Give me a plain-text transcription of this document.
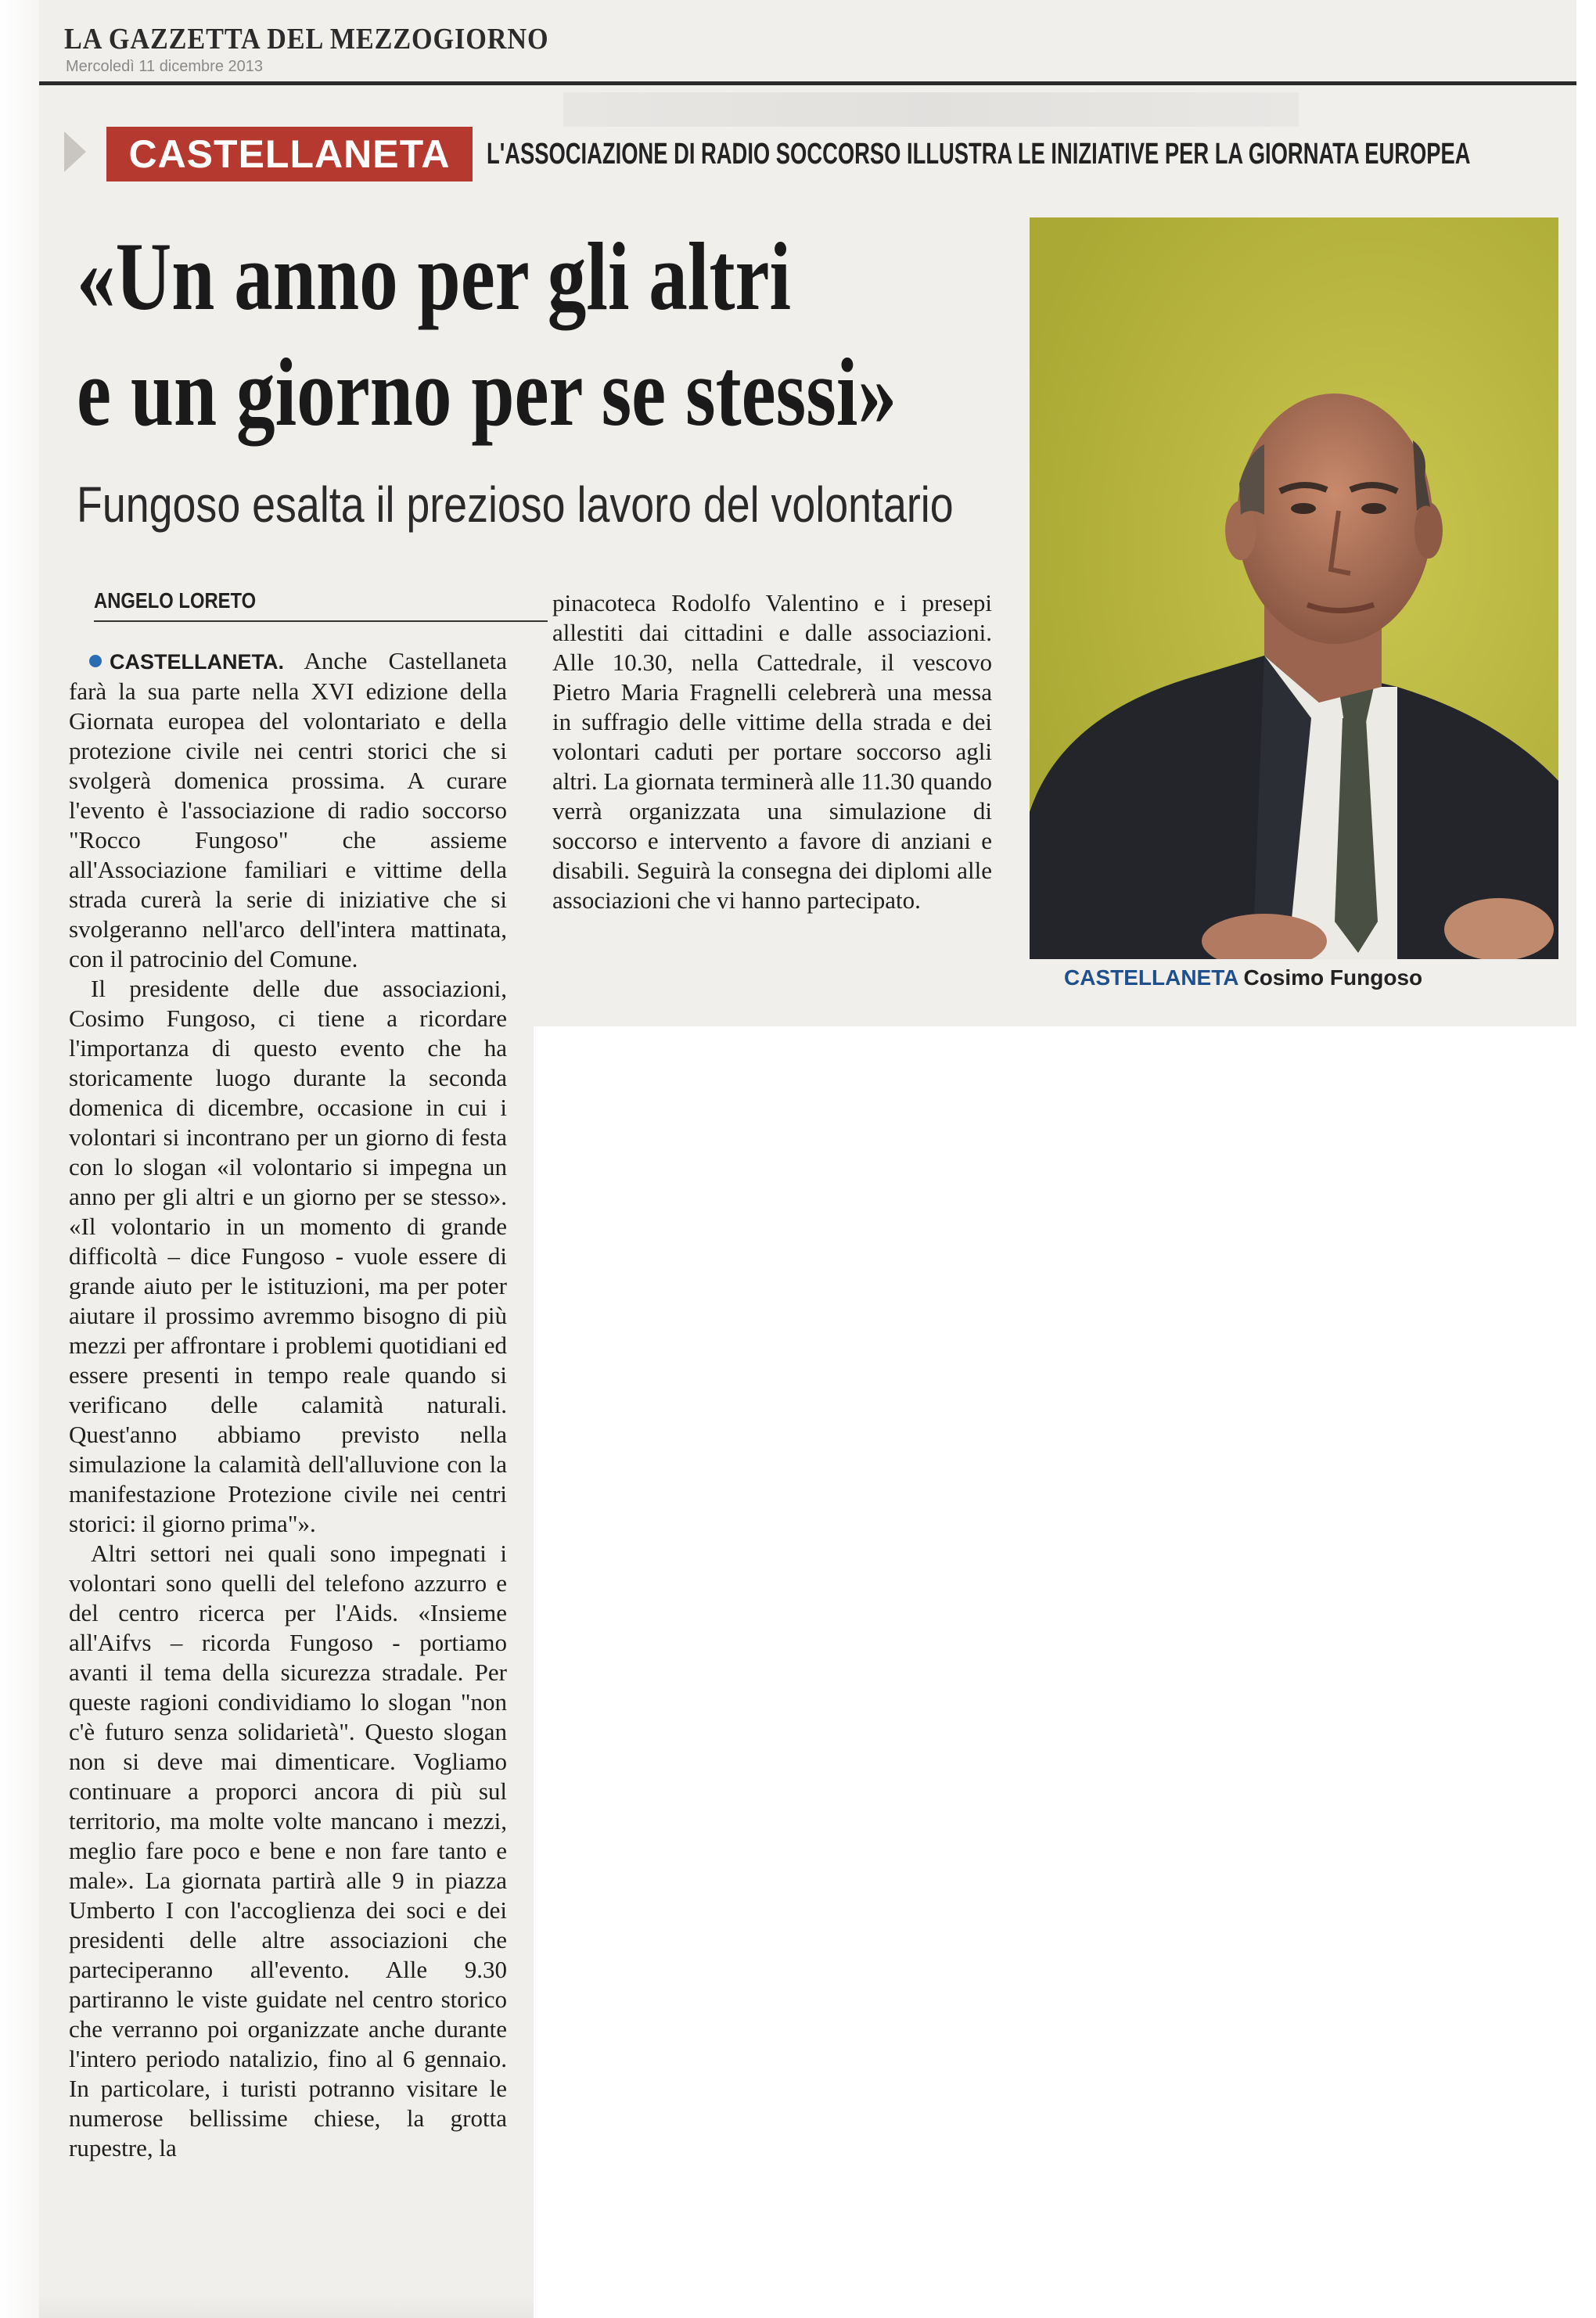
LA GAZZETTA DEL MEZZOGIORNO
Mercoledì 11 dicembre 2013
CASTELLANETA	L'ASSOCIAZIONE DI RADIO SOCCORSO ILLUSTRA LE INIZIATIVE PER LA GIORNATA EUROPEA
«Un anno per gli altri
e un giorno per se stessi»
Fungoso esalta il prezioso lavoro del volontario
ANGELO LORETO

CASTELLANETA. Anche Castellaneta farà la sua parte nella XVI edizione della Giornata europea del volontariato e della protezione civile nei centri storici che si svolgerà domenica prossima. A curare l'evento è l'associazione di radio soccorso "Rocco Fungoso" che assieme all'Associazione familiari e vittime della strada curerà la serie di iniziative che si svolgeranno nell'arco dell'intera mattinata, con il patrocinio del Comune.

Il presidente delle due associazioni, Cosimo Fungoso, ci tiene a ricordare l'importanza di questo evento che ha storicamente luogo durante la seconda domenica di dicembre, occasione in cui i volontari si incontrano per un giorno di festa con lo slogan «il volontario si impegna un anno per gli altri e un giorno per se stesso». «Il volontario in un momento di grande difficoltà – dice Fungoso - vuole essere di grande aiuto per le istituzioni, ma per poter aiutare il prossimo avremmo bisogno di più mezzi per affrontare i problemi quotidiani ed essere presenti in tempo reale quando si verificano delle calamità naturali. Quest'anno abbiamo previsto nella simulazione la calamità dell'alluvione con la manifestazione Protezione civile nei centri storici: il giorno prima"».

Altri settori nei quali sono impegnati i volontari sono quelli del telefono azzurro e del centro ricerca per l'Aids. «Insieme all'Aifvs – ricorda Fungoso - portiamo avanti il tema della sicurezza stradale. Per queste ragioni condividiamo lo slogan "non c'è futuro senza solidarietà". Questo slogan non si deve mai dimenticare. Vogliamo continuare a proporci ancora di più sul territorio, ma molte volte mancano i mezzi, meglio fare poco e bene e non fare tanto e male». La giornata partirà alle 9 in piazza Umberto I con l'accoglienza dei soci e dei presidenti delle altre associazioni che parteciperanno all'evento. Alle 9.30 partiranno le viste guidate nel centro storico che verranno poi organizzate anche durante l'intero periodo natalizio, fino al 6 gennaio. In particolare, i turisti potranno visitare le numerose bellissime chiese, la grotta rupestre, la

pinacoteca Rodolfo Valentino e i presepi allestiti dai cittadini e dalle associazioni. Alle 10.30, nella Cattedrale, il vescovo Pietro Maria Fragnelli celebrerà una messa in suffragio delle vittime della strada e dei volontari caduti per portare soccorso agli altri. La giornata terminerà alle 11.30 quando verrà organizzata una simulazione di soccorso e intervento a favore di anziani e disabili. Seguirà la consegna dei diplomi alle associazioni che vi hanno partecipato.

CASTELLANETA Cosimo Fungoso
